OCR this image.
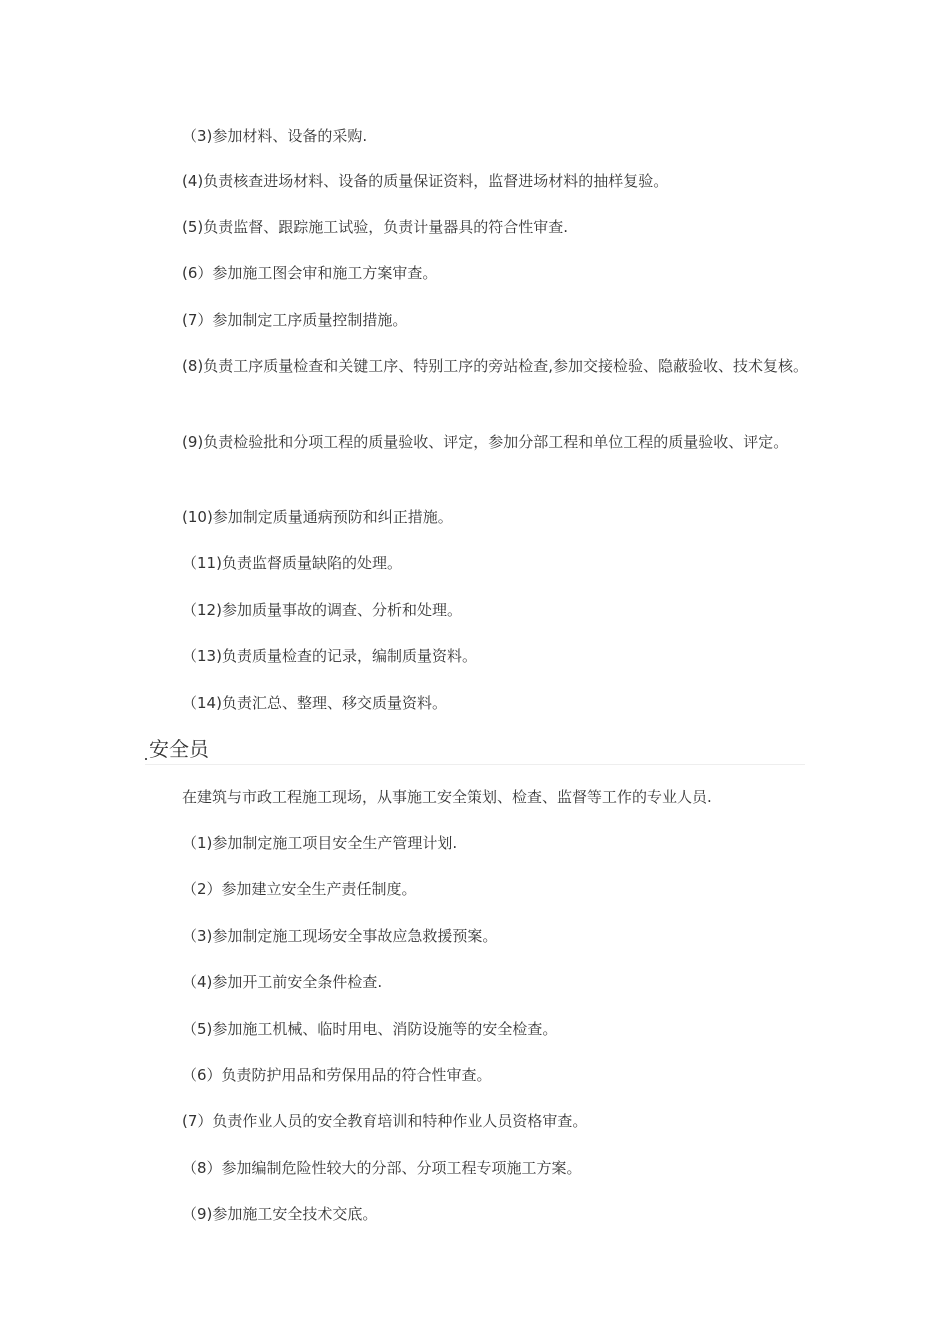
（3)参加材料、设备的采购.
(4)负责核查进场材料、设备的质量保证资料，监督进场材料的抽样复验。
(5)负责监督、跟踪施工试验，负责计量器具的符合性审查.
(6）参加施工图会审和施工方案审查。
(7）参加制定工序质量控制措施。
(8)负责工序质量检查和关键工序、特别工序的旁站检查,参加交接检验、隐蔽验收、技术复核。
(9)负责检验批和分项工程的质量验收、评定，参加分部工程和单位工程的质量验收、评定。
(10)参加制定质量通病预防和纠正措施。
（11)负责监督质量缺陷的处理。
（12)参加质量事故的调查、分析和处理。
（13)负责质量检查的记录，编制质量资料。
（14)负责汇总、整理、移交质量资料。
安全员
在建筑与市政工程施工现场，从事施工安全策划、检查、监督等工作的专业人员.
（1)参加制定施工项目安全生产管理计划.
（2）参加建立安全生产责任制度。
（3)参加制定施工现场安全事故应急救援预案。
（4)参加开工前安全条件检查.
（5)参加施工机械、临时用电、消防设施等的安全检查。
（6）负责防护用品和劳保用品的符合性审查。
(7）负责作业人员的安全教育培训和特种作业人员资格审查。
（8）参加编制危险性较大的分部、分项工程专项施工方案。
（9)参加施工安全技术交底。
